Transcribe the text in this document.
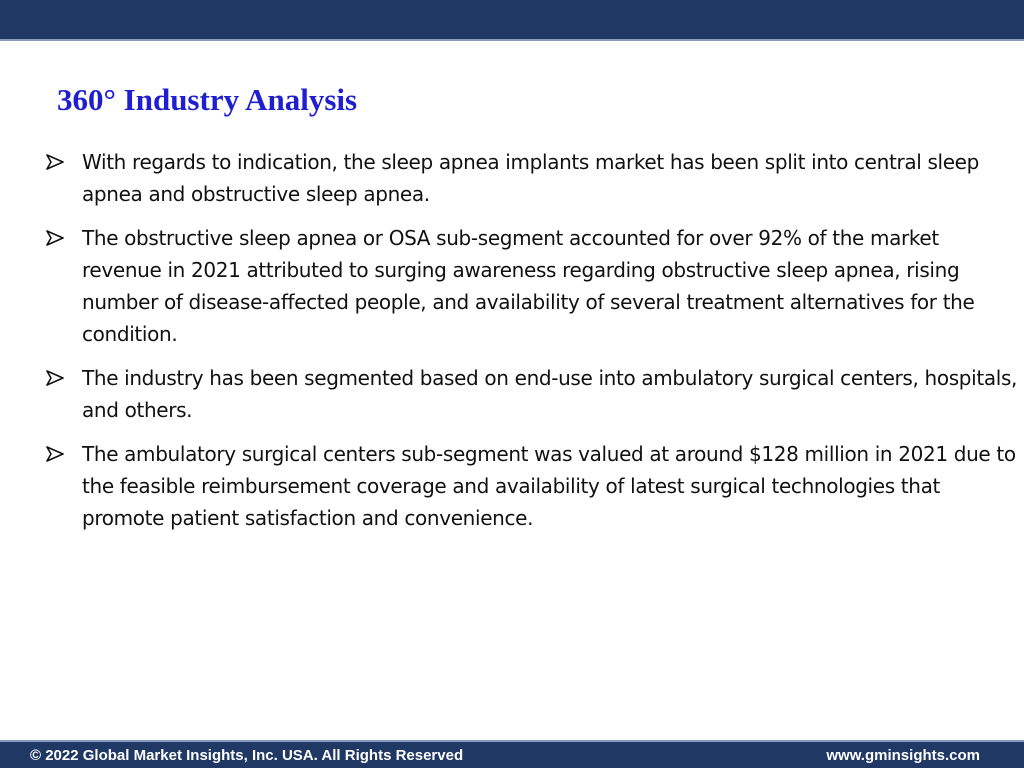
360° Industry Analysis
With regards to indication, the sleep apnea implants market has been split into central sleep apnea and obstructive sleep apnea.
The obstructive sleep apnea or OSA sub-segment accounted for over 92% of the market revenue in 2021 attributed to surging awareness regarding obstructive sleep apnea, rising number of disease-affected people, and availability of several treatment alternatives for the condition.
The industry has been segmented based on end-use into ambulatory surgical centers, hospitals, and others.
The ambulatory surgical centers sub-segment was valued at around $128 million in 2021 due to the feasible reimbursement coverage and availability of latest surgical technologies that promote patient satisfaction and convenience.
© 2022 Global Market Insights, Inc. USA. All Rights Reserved	www.gminsights.com
